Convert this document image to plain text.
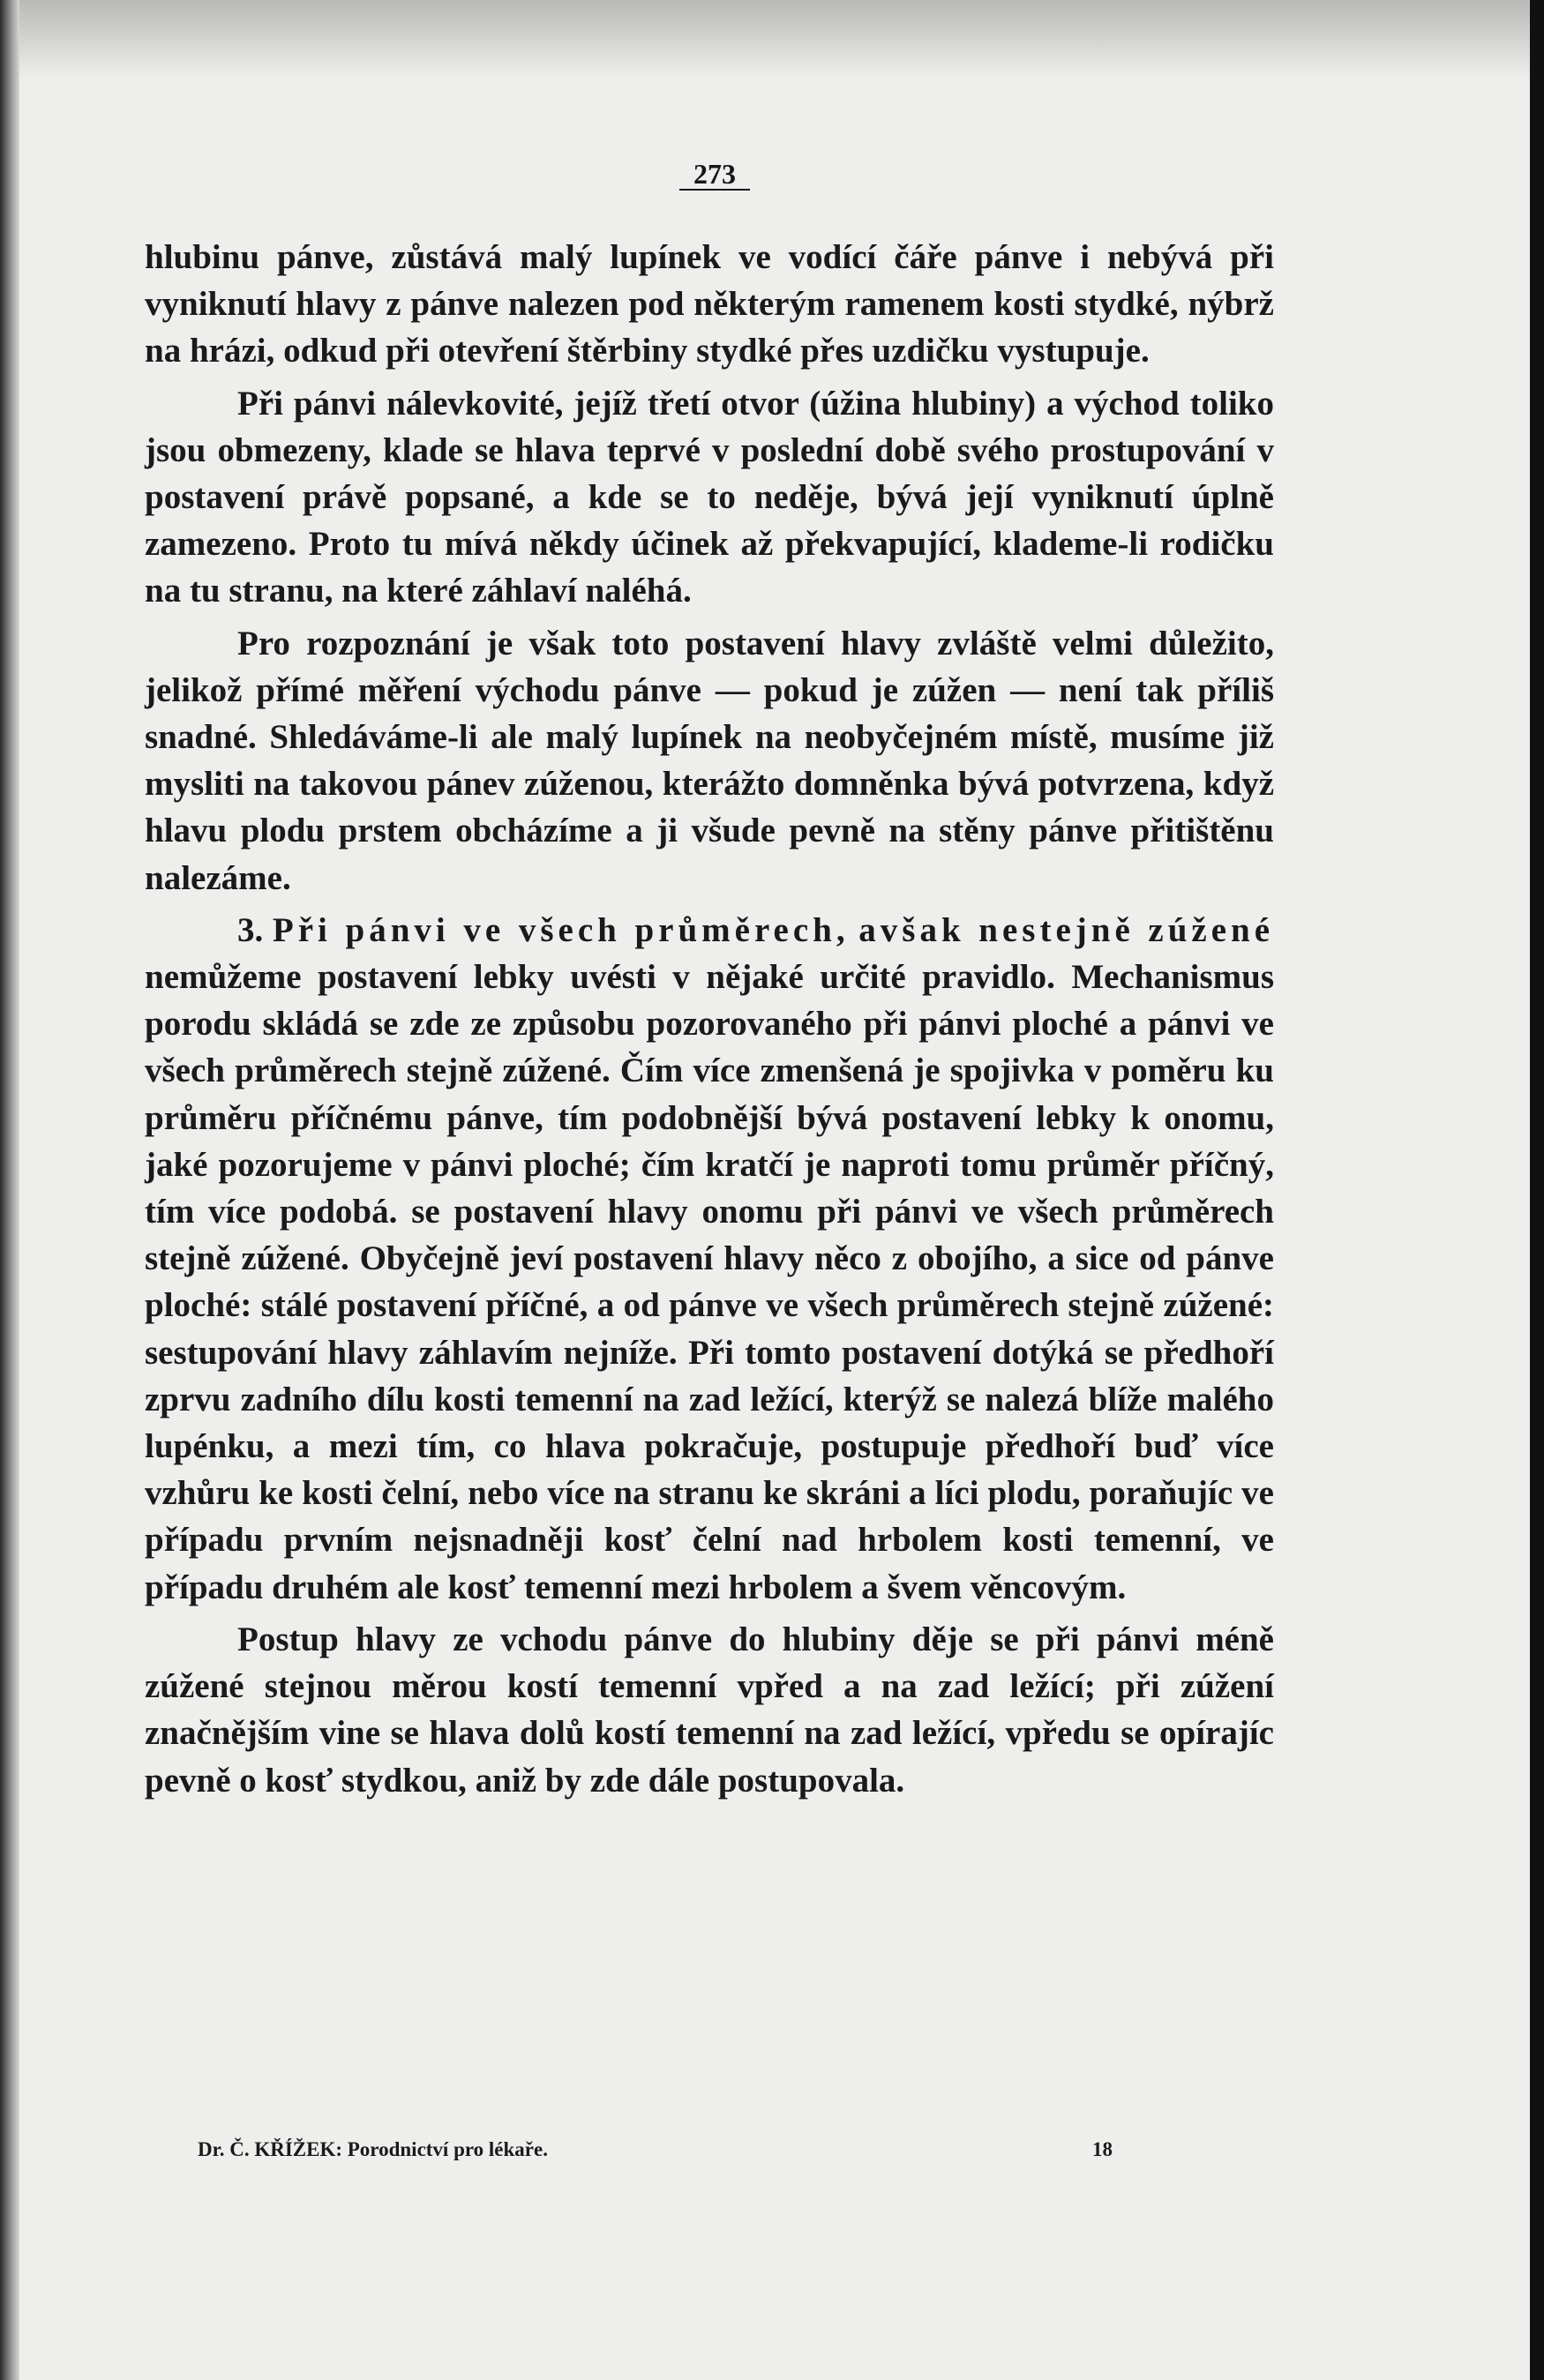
273

hlubinu pánve, zůstává malý lupínek ve vodící čáře pánve i nebývá při vyniknutí hlavy z pánve nalezen pod některým ramenem kosti stydké, nýbrž na hrázi, odkud při otevření štěrbiny stydké přes uzdičku vystupuje.

Při pánvi nálevkovité, jejíž třetí otvor (úžina hlubiny) a východ toliko jsou obmezeny, klade se hlava teprvé v poslední době svého prostupování v postavení právě popsané, a kde se to neděje, bývá její vyniknutí úplně zamezeno. Proto tu mívá někdy účinek až překvapující, klademe-li rodičku na tu stranu, na které záhlaví naléhá.

Pro rozpoznání je však toto postavení hlavy zvláště velmi důležito, jelikož přímé měření východu pánve — pokud je zúžen — není tak příliš snadné. Shledáváme-li ale malý lupínek na neobyčejném místě, musíme již mysliti na takovou pánev zúženou, kterážto domněnka bývá potvrzena, když hlavu plodu prstem obcházíme a ji všude pevně na stěny pánve přitištěnu nalezáme.

3. Při pánvi ve všech průměrech, avšak nestejně zúžené nemůžeme postavení lebky uvésti v nějaké určité pravidlo. Mechanismus porodu skládá se zde ze způsobu pozorovaného při pánvi ploché a pánvi ve všech průměrech stejně zúžené. Čím více zmenšená je spojivka v poměru ku průměru příčnému pánve, tím podobnější bývá postavení lebky k onomu, jaké pozorujeme v pánvi ploché; čím kratčí je naproti tomu průměr příčný, tím více podobá. se postavení hlavy onomu při pánvi ve všech průměrech stejně zúžené. Obyčejně jeví postavení hlavy něco z obojího, a sice od pánve ploché: stálé postavení příčné, a od pánve ve všech průměrech stejně zúžené: sestupování hlavy záhlavím nejníže. Při tomto postavení dotýká se předhoří zprvu zadního dílu kosti temenní na zad ležící, kterýž se nalezá blíže malého lupénku, a mezi tím, co hlava pokračuje, postupuje předhoří buď více vzhůru ke kosti čelní, nebo více na stranu ke skráni a líci plodu, poraňujíc ve případu prvním nejsnadněji kosť čelní nad hrbolem kosti temenní, ve případu druhém ale kosť temenní mezi hrbolem a švem věncovým.

Postup hlavy ze vchodu pánve do hlubiny děje se při pánvi méně zúžené stejnou měrou kostí temenní vpřed a na zad ležící; při zúžení značnějším vine se hlava dolů kostí temenní na zad ležící, vpředu se opírajíc pevně o kosť stydkou, aniž by zde dále postupovala.

Dr. Č. KŘÍŽEK: Porodnictví pro lékaře.	18
